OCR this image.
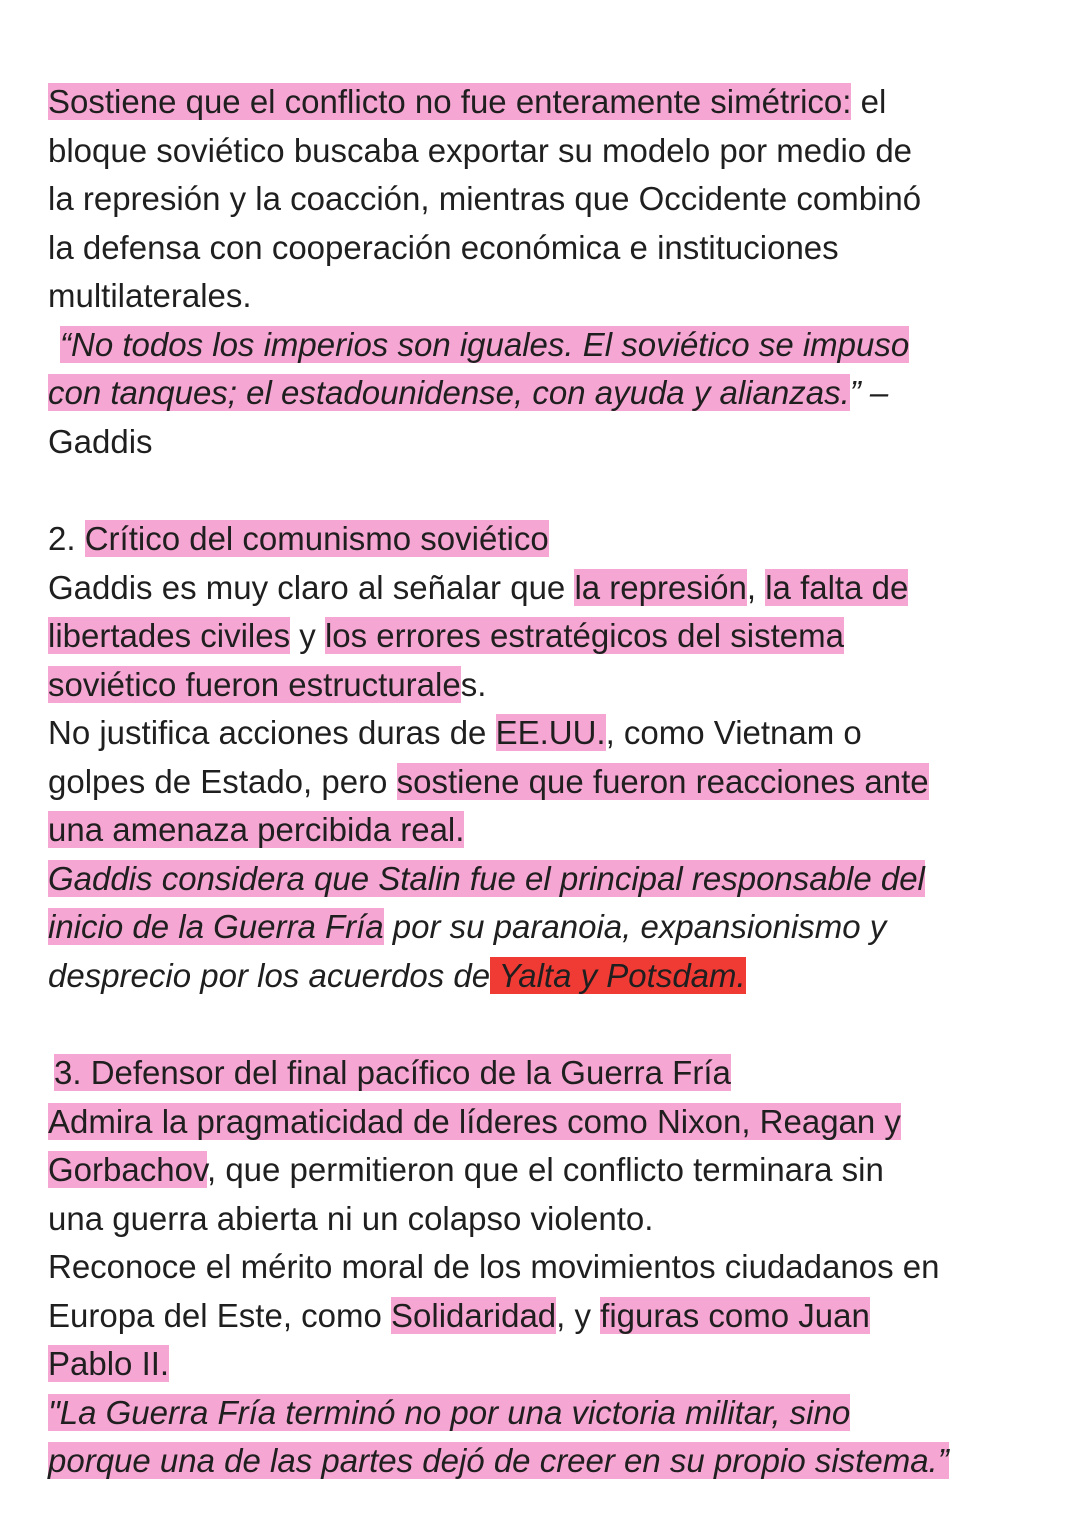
Sostiene que el conflicto no fue enteramente simétrico: el
bloque soviético buscaba exportar su modelo por medio de
la represión y la coacción, mientras que Occidente combinó
la defensa con cooperación económica e instituciones
multilaterales.
“No todos los imperios son iguales. El soviético se impuso
con tanques; el estadounidense, con ayuda y alianzas.” –
Gaddis
2. Crítico del comunismo soviético
Gaddis es muy claro al señalar que la represión, la falta de
libertades civiles y los errores estratégicos del sistema
soviético fueron estructurales.
No justifica acciones duras de EE.UU., como Vietnam o
golpes de Estado, pero sostiene que fueron reacciones ante
una amenaza percibida real.
Gaddis considera que Stalin fue el principal responsable del
inicio de la Guerra Fría por su paranoia, expansionismo y
desprecio por los acuerdos de Yalta y Potsdam.
3. Defensor del final pacífico de la Guerra Fría
Admira la pragmaticidad de líderes como Nixon, Reagan y
Gorbachov, que permitieron que el conflicto terminara sin
una guerra abierta ni un colapso violento.
Reconoce el mérito moral de los movimientos ciudadanos en
Europa del Este, como Solidaridad, y figuras como Juan
Pablo II.
"La Guerra Fría terminó no por una victoria militar, sino
porque una de las partes dejó de creer en su propio sistema.”
